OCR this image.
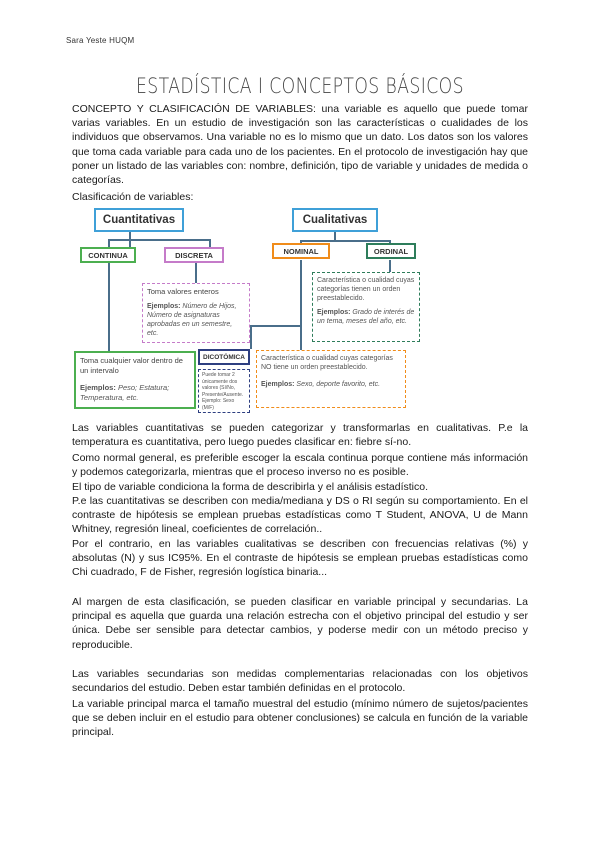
Sara Yeste HUQM
ESTADÍSTICA I CONCEPTOS BÁSICOS

CONCEPTO Y CLASIFICACIÓN DE VARIABLES: una variable es aquello que puede tomar varias variables. En un estudio de investigación son las características o cualidades de los individuos que observamos. Una variable no es lo mismo que un dato. Los datos son los valores que toma cada variable para cada uno de los pacientes. En el protocolo de investigación hay que poner un listado de las variables con: nombre, definición, tipo de variable y unidades de medida o categorías.

Clasificación de variables:

Cuantitativas	Cualitativas
CONTINUA	DISCRETA	NOMINAL	ORDINAL
Toma valores enteros
Ejemplos: Número de Hijos, Número de asignaturas aprobadas en un semestre, etc.
Característica o cualidad cuyas categorías tienen un orden preestablecido.
Ejemplos: Grado de interés de un tema, meses del año, etc.
Toma cualquier valor dentro de un intervalo
Ejemplos: Peso; Estatura; Temperatura, etc.
DICOTÓMICA
Puede tomar 2 únicamente dos valores (Sí/No, Presente/Ausente.
Ejemplo: Sexo (M/F)
Característica o cualidad cuyas categorías NO tiene un orden preestablecido.
Ejemplos: Sexo, deporte favorito, etc.

Las variables cuantitativas se pueden categorizar y transformarlas en cualitativas. P.e la temperatura es cuantitativa, pero luego puedes clasificar en: fiebre sí-no.

Como normal general, es preferible escoger la escala continua porque contiene más información y podemos categorizarla, mientras que el proceso inverso no es posible.

El tipo de variable condiciona la forma de describirla y el análisis estadístico.

P.e las cuantitativas se describen con media/mediana y DS o RI según su comportamiento. En el contraste de hipótesis se emplean pruebas estadísticas como T Student, ANOVA, U de Mann Whitney, regresión lineal, coeficientes de correlación..

Por el contrario, en las variables cualitativas se describen con frecuencias relativas (%) y absolutas (N) y sus IC95%. En el contraste de hipótesis se emplean pruebas estadísticas como Chi cuadrado, F de Fisher, regresión logística binaria...

Al margen de esta clasificación, se pueden clasificar en variable principal y secundarias. La principal es aquella que guarda una relación estrecha con el objetivo principal del estudio y ser única. Debe ser sensible para detectar cambios, y poderse medir con un método preciso y reproducible.

Las variables secundarias son medidas complementarias relacionadas con los objetivos secundarios del estudio. Deben estar también definidas en el protocolo.

La variable principal marca el tamaño muestral del estudio (mínimo número de sujetos/pacientes que se deben incluir en el estudio para obtener conclusiones) se calcula en función de la variable principal.
